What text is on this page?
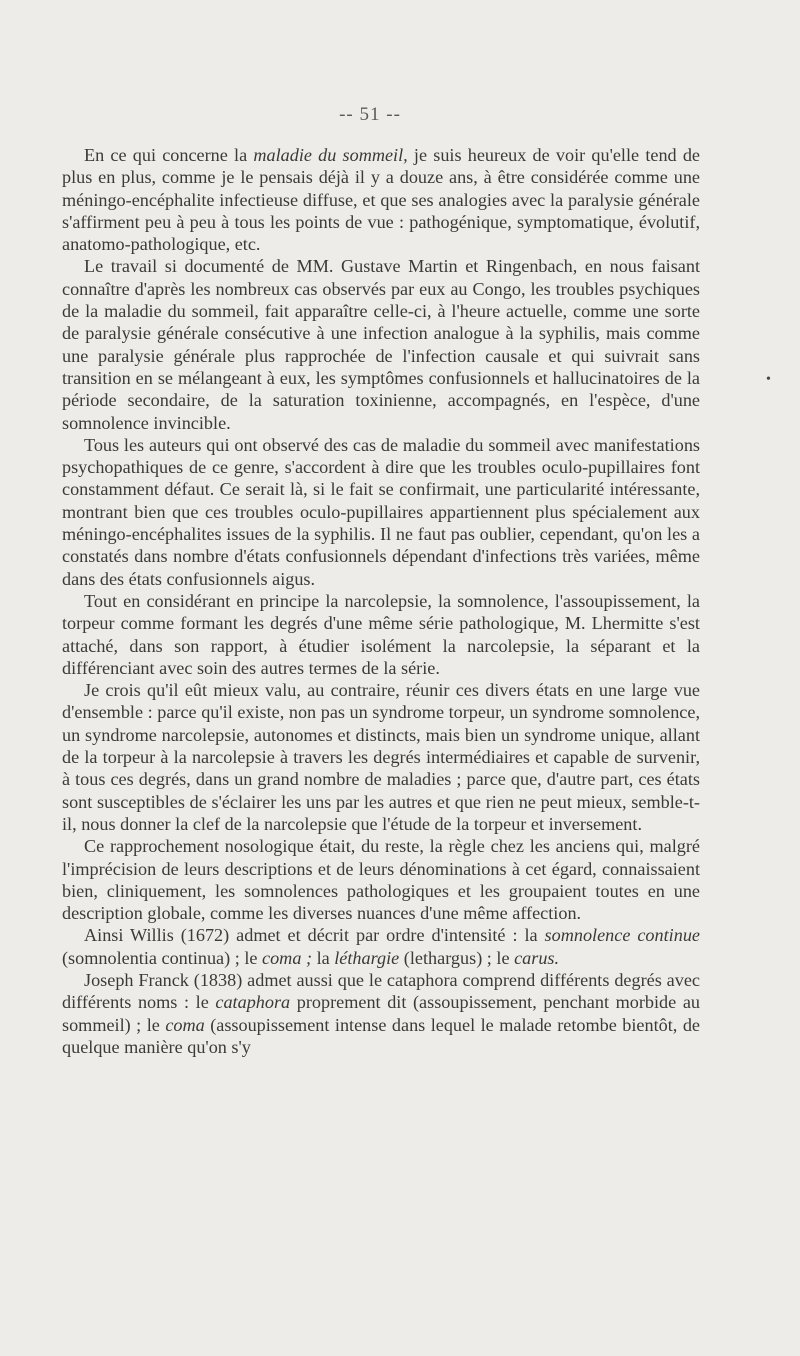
-- 51 --

En ce qui concerne la maladie du sommeil, je suis heureux de voir qu'elle tend de plus en plus, comme je le pensais déjà il y a douze ans, à être considérée comme une méningo-encéphalite infectieuse diffuse, et que ses analogies avec la paralysie générale s'affirment peu à peu à tous les points de vue : pathogénique, symptomatique, évolutif, anatomo-pathologique, etc.

Le travail si documenté de MM. Gustave Martin et Ringenbach, en nous faisant connaître d'après les nombreux cas observés par eux au Congo, les troubles psychiques de la maladie du sommeil, fait apparaître celle-ci, à l'heure actuelle, comme une sorte de paralysie générale consécutive à une infection analogue à la syphilis, mais comme une paralysie générale plus rapprochée de l'infection causale et qui suivrait sans transition en se mélangeant à eux, les symptômes confusionnels et hallucinatoires de la période secondaire, de la saturation toxinienne, accompagnés, en l'espèce, d'une somnolence invincible.

Tous les auteurs qui ont observé des cas de maladie du sommeil avec manifestations psychopathiques de ce genre, s'accordent à dire que les troubles oculo-pupillaires font constamment défaut. Ce serait là, si le fait se confirmait, une particularité intéressante, montrant bien que ces troubles oculo-pupillaires appartiennent plus spécialement aux méningo-encéphalites issues de la syphilis. Il ne faut pas oublier, cependant, qu'on les a constatés dans nombre d'états confusionnels dépendant d'infections très variées, même dans des états confusionnels aigus.

Tout en considérant en principe la narcolepsie, la somnolence, l'assoupissement, la torpeur comme formant les degrés d'une même série pathologique, M. Lhermitte s'est attaché, dans son rapport, à étudier isolément la narcolepsie, la séparant et la différenciant avec soin des autres termes de la série.

Je crois qu'il eût mieux valu, au contraire, réunir ces divers états en une large vue d'ensemble : parce qu'il existe, non pas un syndrome torpeur, un syndrome somnolence, un syndrome narcolepsie, autonomes et distincts, mais bien un syndrome unique, allant de la torpeur à la narcolepsie à travers les degrés intermédiaires et capable de survenir, à tous ces degrés, dans un grand nombre de maladies ; parce que, d'autre part, ces états sont susceptibles de s'éclairer les uns par les autres et que rien ne peut mieux, semble-t-il, nous donner la clef de la narcolepsie que l'étude de la torpeur et inversement.

Ce rapprochement nosologique était, du reste, la règle chez les anciens qui, malgré l'imprécision de leurs descriptions et de leurs dénominations à cet égard, connaissaient bien, cliniquement, les somnolences pathologiques et les groupaient toutes en une description globale, comme les diverses nuances d'une même affection.

Ainsi Willis (1672) admet et décrit par ordre d'intensité : la somnolence continue (somnolentia continua) ; le coma ; la léthargie (lethargus) ; le carus.

Joseph Franck (1838) admet aussi que le cataphora comprend différents degrés avec différents noms : le cataphora proprement dit (assoupissement, penchant morbide au sommeil) ; le coma (assoupissement intense dans lequel le malade retombe bientôt, de quelque manière qu'on s'y

•
